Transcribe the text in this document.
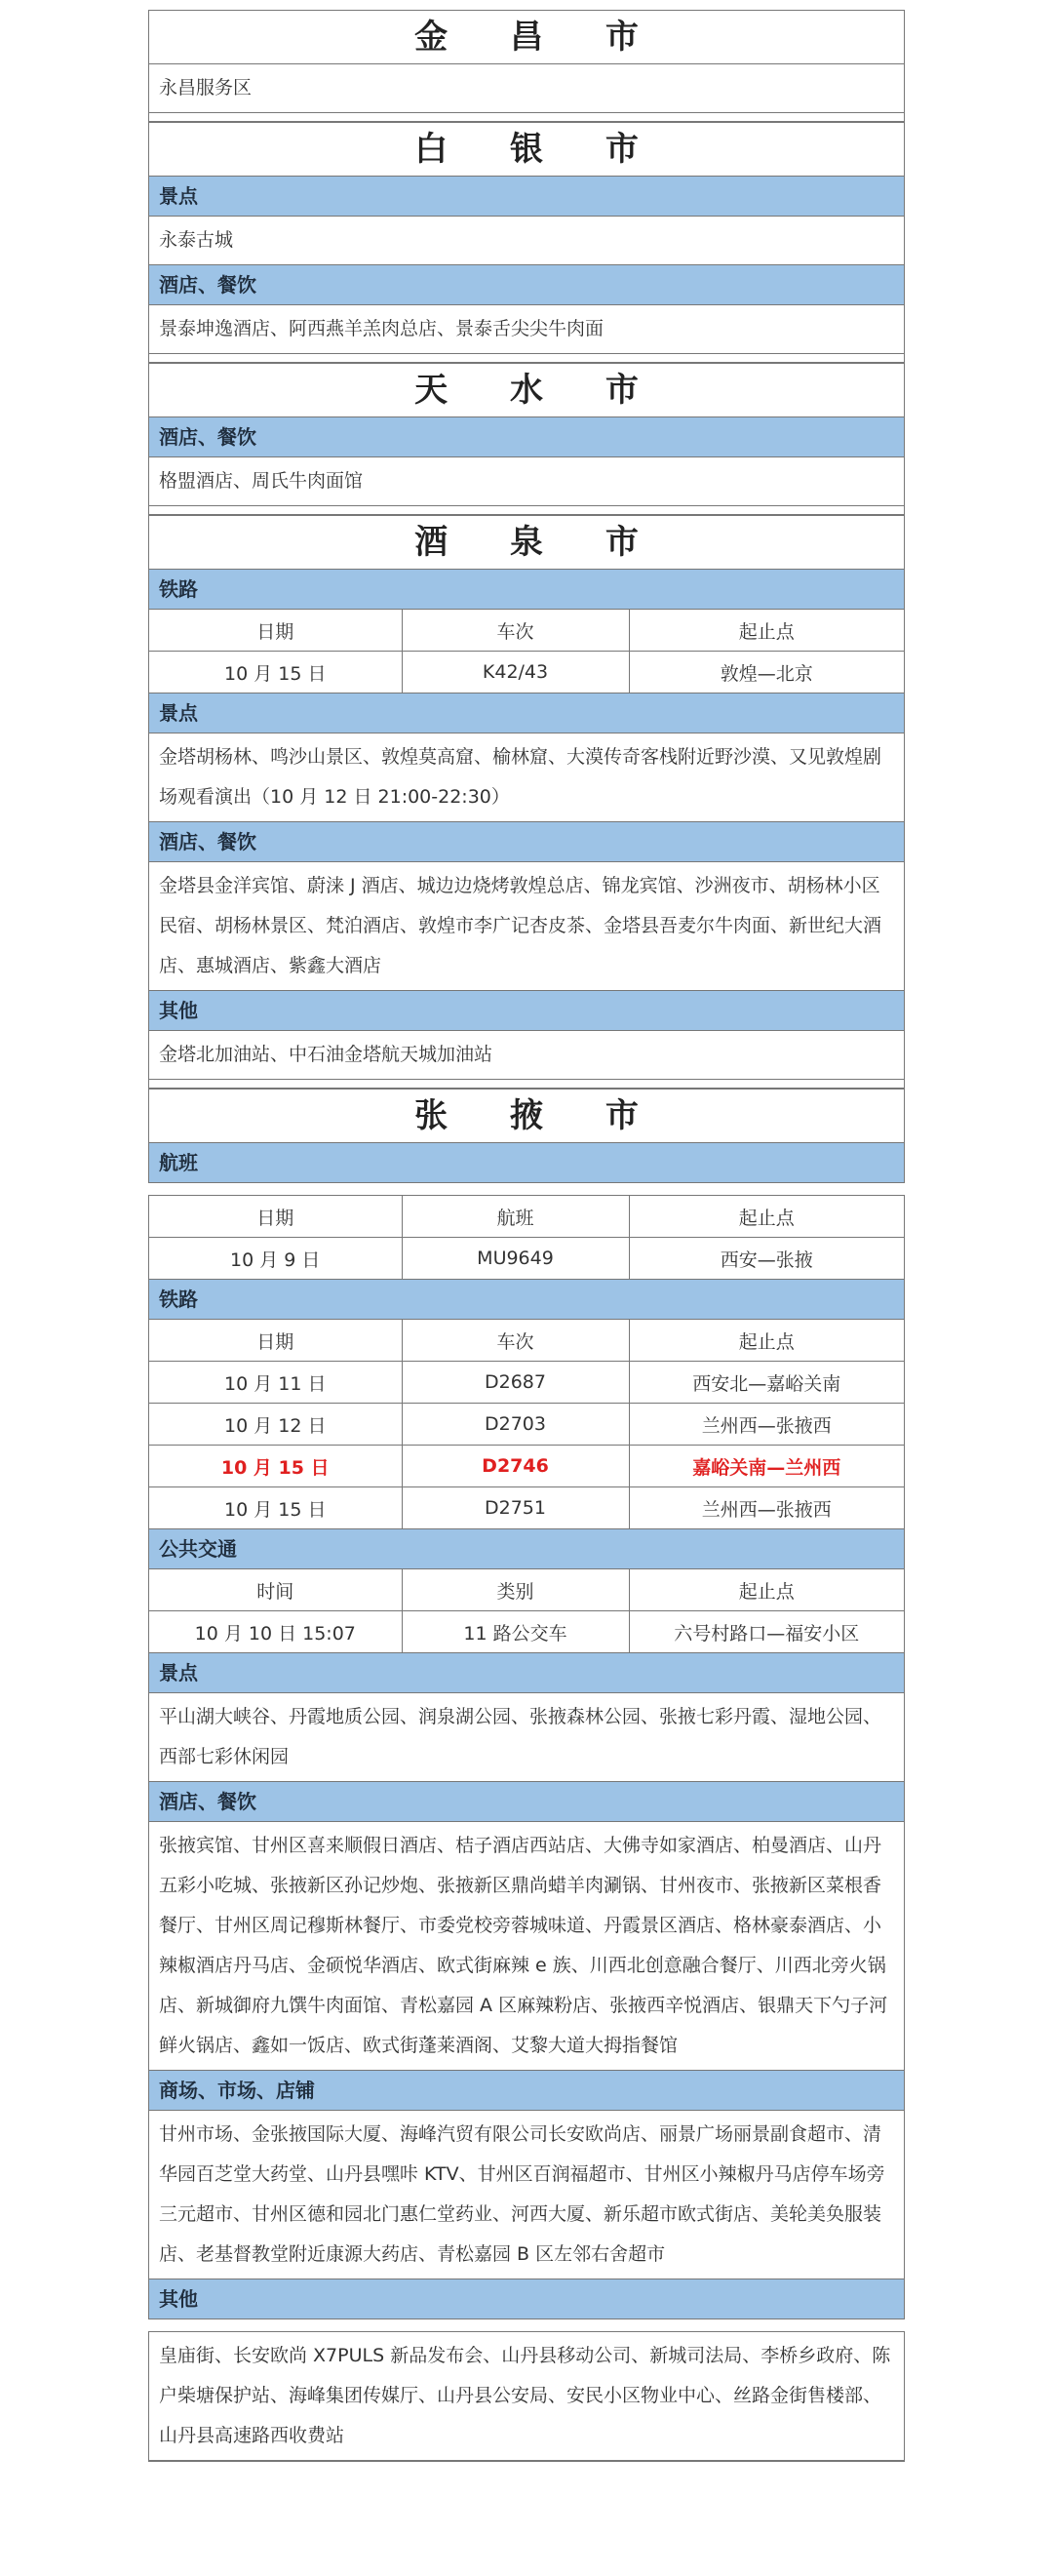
金 昌 市
永昌服务区
白 银 市
景点
永泰古城
酒店、餐饮
景泰坤逸酒店、阿西燕羊羔肉总店、景泰舌尖尖牛肉面
天 水 市
酒店、餐饮
格盟酒店、周氏牛肉面馆
酒 泉 市
铁路
日期	车次	起止点
10 月 15 日	K42/43	敦煌—北京
景点
金塔胡杨林、鸣沙山景区、敦煌莫高窟、榆林窟、大漠传奇客栈附近野沙漠、又见敦煌剧场观看演出（10 月 12 日 21:00-22:30）
酒店、餐饮
金塔县金洋宾馆、蔚涞 J 酒店、城边边烧烤敦煌总店、锦龙宾馆、沙洲夜市、胡杨林小区民宿、胡杨林景区、梵泊酒店、敦煌市李广记杏皮茶、金塔县吾麦尔牛肉面、新世纪大酒店、惠城酒店、紫鑫大酒店
其他
金塔北加油站、中石油金塔航天城加油站
张 掖 市
航班
日期	航班	起止点
10 月 9 日	MU9649	西安—张掖
铁路
日期	车次	起止点
10 月 11 日	D2687	西安北—嘉峪关南
10 月 12 日	D2703	兰州西—张掖西
10 月 15 日	D2746	嘉峪关南—兰州西
10 月 15 日	D2751	兰州西—张掖西
公共交通
时间	类别	起止点
10 月 10 日 15:07	11 路公交车	六号村路口—福安小区
景点
平山湖大峡谷、丹霞地质公园、润泉湖公园、张掖森林公园、张掖七彩丹霞、湿地公园、西部七彩休闲园
酒店、餐饮
张掖宾馆、甘州区喜来顺假日酒店、桔子酒店西站店、大佛寺如家酒店、柏曼酒店、山丹五彩小吃城、张掖新区孙记炒炮、张掖新区鼎尚蜡羊肉涮锅、甘州夜市、张掖新区菜根香餐厅、甘州区周记穆斯林餐厅、市委党校旁蓉城味道、丹霞景区酒店、格林豪泰酒店、小辣椒酒店丹马店、金硕悦华酒店、欧式街麻辣 e 族、川西北创意融合餐厅、川西北旁火锅店、新城御府九馔牛肉面馆、青松嘉园 A 区麻辣粉店、张掖西辛悦酒店、银鼎天下勺子河鲜火锅店、鑫如一饭店、欧式街蓬莱酒阁、艾黎大道大拇指餐馆
商场、市场、店铺
甘州市场、金张掖国际大厦、海峰汽贸有限公司长安欧尚店、丽景广场丽景副食超市、清华园百芝堂大药堂、山丹县嘿咔 KTV、甘州区百润福超市、甘州区小辣椒丹马店停车场旁三元超市、甘州区德和园北门惠仁堂药业、河西大厦、新乐超市欧式街店、美轮美奂服装店、老基督教堂附近康源大药店、青松嘉园 B 区左邻右舍超市
其他
皇庙街、长安欧尚 X7PULS 新品发布会、山丹县移动公司、新城司法局、李桥乡政府、陈户柴塘保护站、海峰集团传媒厅、山丹县公安局、安民小区物业中心、丝路金街售楼部、山丹县高速路西收费站
